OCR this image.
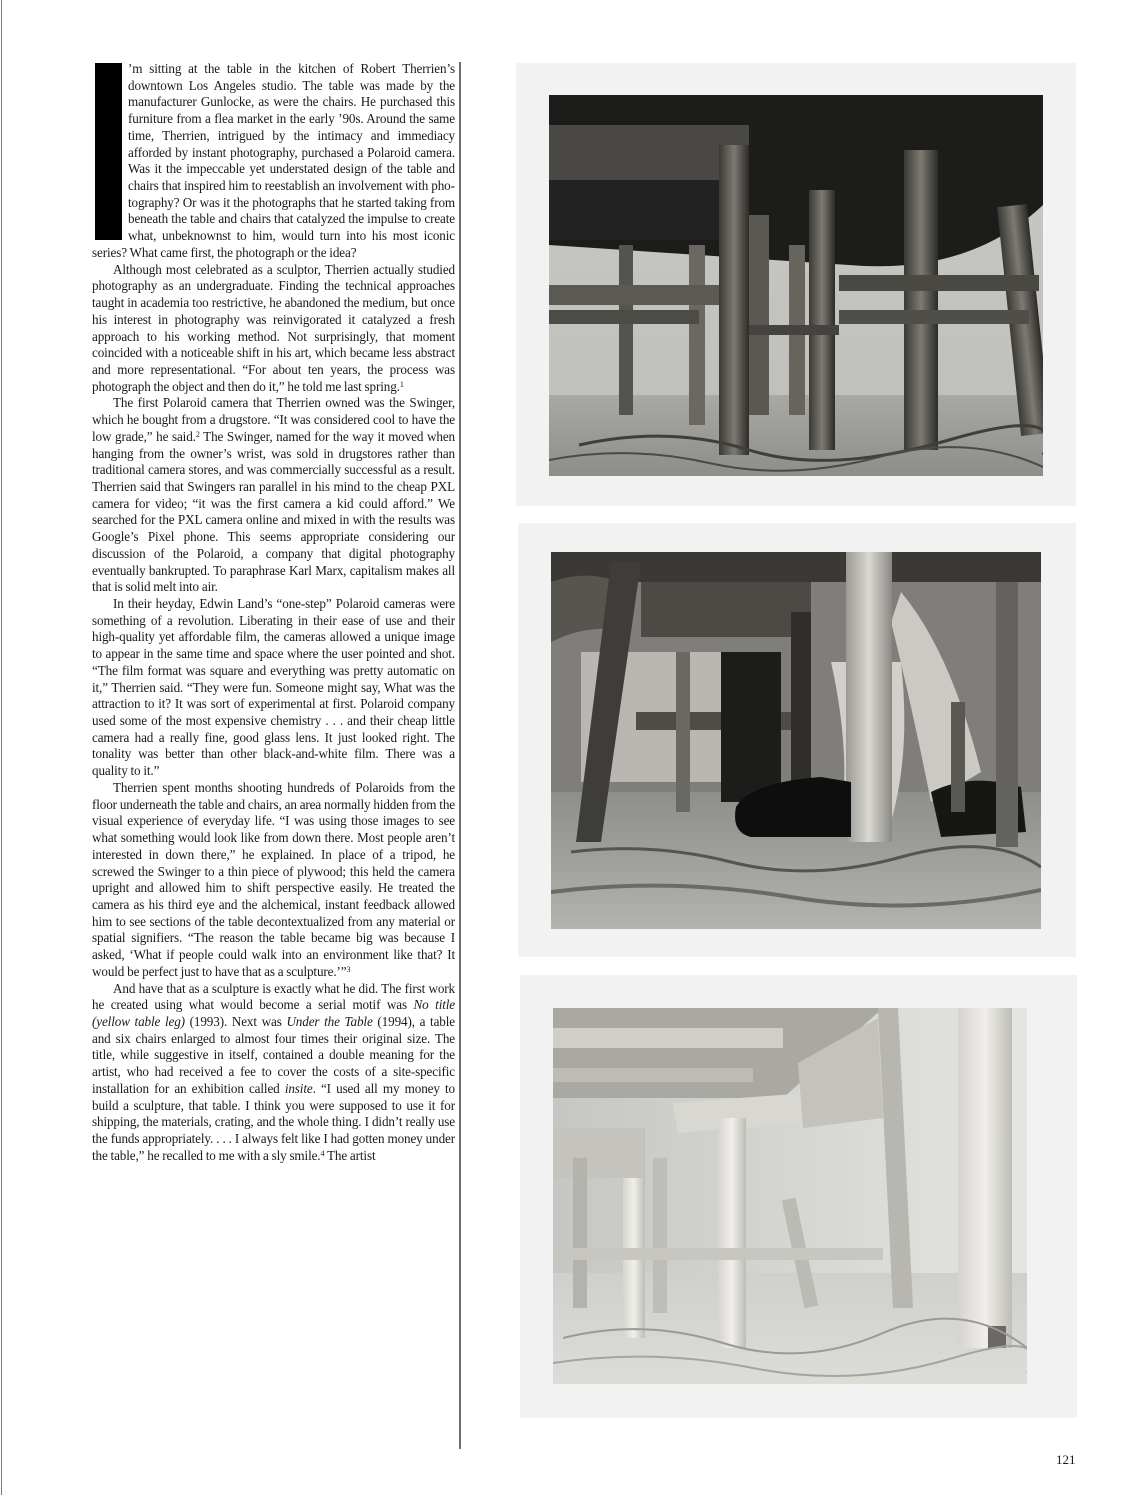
’m sitting at the table in the kitchen of Robert Therrien’s downtown Los Angeles studio. The table was made by the manufacturer Gunlocke, as were the chairs. He purchased this furniture from a flea market in the early ’90s. Around the same time, Therrien, intrigued by the intimacy and immediacy afforded by instant photography, purchased a Polaroid camera. Was it the impeccable yet understated design of the table and chairs that inspired him to reestablish an involvement with photography? Or was it the photographs that he started taking from beneath the table and chairs that catalyzed the impulse to create what, unbeknownst to him, would turn into his most iconic series? What came first, the photograph or the idea?

Although most celebrated as a sculptor, Therrien actually studied photography as an undergraduate. Finding the technical approaches taught in academia too restrictive, he abandoned the medium, but once his interest in photography was reinvigorated it catalyzed a fresh approach to his working method. Not surprisingly, that moment coincided with a noticeable shift in his art, which became less abstract and more representational. “For about ten years, the process was photograph the object and then do it,” he told me last spring.$^1$

The first Polaroid camera that Therrien owned was the Swinger, which he bought from a drugstore. “It was considered cool to have the low grade,” he said.$^2$ The Swinger, named for the way it moved when hanging from the owner’s wrist, was sold in drugstores rather than traditional camera stores, and was commercially successful as a result. Therrien said that Swingers ran parallel in his mind to the cheap PXL camera for video; “it was the first camera a kid could afford.” We searched for the PXL camera online and mixed in with the results was Google’s Pixel phone. This seems appropriate considering our discussion of the Polaroid, a company that digital photography eventually bankrupted. To paraphrase Karl Marx, capitalism makes all that is solid melt into air.

In their heyday, Edwin Land’s “one-step” Polaroid cameras were something of a revolution. Liberating in their ease of use and their high-quality yet affordable film, the cameras allowed a unique image to appear in the same time and space where the user pointed and shot. “The film format was square and everything was pretty automatic on it,” Therrien said. “They were fun. Someone might say, What was the attraction to it? It was sort of experimental at first. Polaroid company used some of the most expensive chemistry . . . and their cheap little camera had a really fine, good glass lens. It just looked right. The tonality was better than other black-and-white film. There was a quality to it.”

Therrien spent months shooting hundreds of Polaroids from the floor underneath the table and chairs, an area normally hidden from the visual experience of everyday life. “I was using those images to see what something would look like from down there. Most people aren’t interested in down there,” he explained. In place of a tripod, he screwed the Swinger to a thin piece of plywood; this held the camera upright and allowed him to shift perspective easily. He treated the camera as his third eye and the alchemical, instant feedback allowed him to see sections of the table decontextualized from any material or spatial signifiers. “The reason the table became big was because I asked, ‘What if people could walk into an environment like that? It would be perfect just to have that as a sculpture.’”$^3$

And have that as a sculpture is exactly what he did. The first work he created using what would become a serial motif was No title (yellow table leg) (1993). Next was Under the Table (1994), a table and six chairs enlarged to almost four times their original size. The title, while suggestive in itself, contained a double meaning for the artist, who had received a fee to cover the costs of a site-specific installation for an exhibition called insite. “I used all my money to build a sculpture, that table. I think you were supposed to use it for shipping, the materials, crating, and the whole thing. I didn’t really use the funds appropriately. . . . I always felt like I had gotten money under the table,” he recalled to me with a sly smile.$^4$ The artist

121
